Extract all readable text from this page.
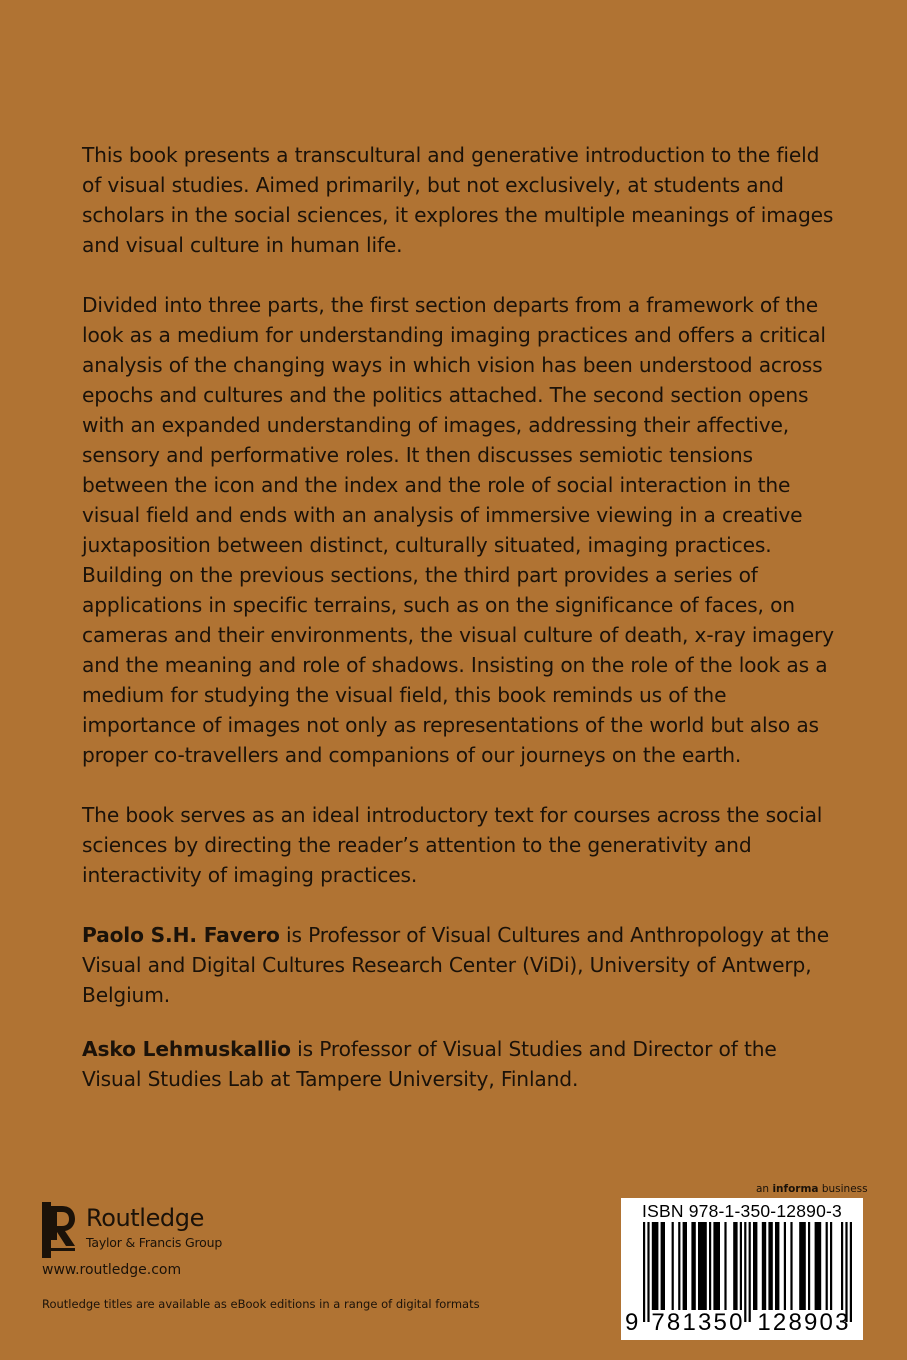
This book presents a transcultural and generative introduction to the field of visual studies. Aimed primarily, but not exclusively, at students and scholars in the social sciences, it explores the multiple meanings of images and visual culture in human life.

Divided into three parts, the first section departs from a framework of the look as a medium for understanding imaging practices and offers a critical analysis of the changing ways in which vision has been understood across epochs and cultures and the politics attached. The second section opens with an expanded understanding of images, addressing their affective, sensory and performative roles. It then discusses semiotic tensions between the icon and the index and the role of social interaction in the visual field and ends with an analysis of immersive viewing in a creative juxtaposition between distinct, culturally situated, imaging practices. Building on the previous sections, the third part provides a series of applications in specific terrains, such as on the significance of faces, on cameras and their environments, the visual culture of death, x-ray imagery and the meaning and role of shadows. Insisting on the role of the look as a medium for studying the visual field, this book reminds us of the importance of images not only as representations of the world but also as proper co-travellers and companions of our journeys on the earth.

The book serves as an ideal introductory text for courses across the social sciences by directing the reader’s attention to the generativity and interactivity of imaging practices.

Paolo S.H. Favero is Professor of Visual Cultures and Anthropology at the Visual and Digital Cultures Research Center (ViDi), University of Antwerp, Belgium.

Asko Lehmuskallio is Professor of Visual Studies and Director of the Visual Studies Lab at Tampere University, Finland.

Routledge
Taylor & Francis Group
www.routledge.com
Routledge titles are available as eBook editions in a range of digital formats
an informa business
ISBN 978-1-350-12890-3
9 781350 128903
